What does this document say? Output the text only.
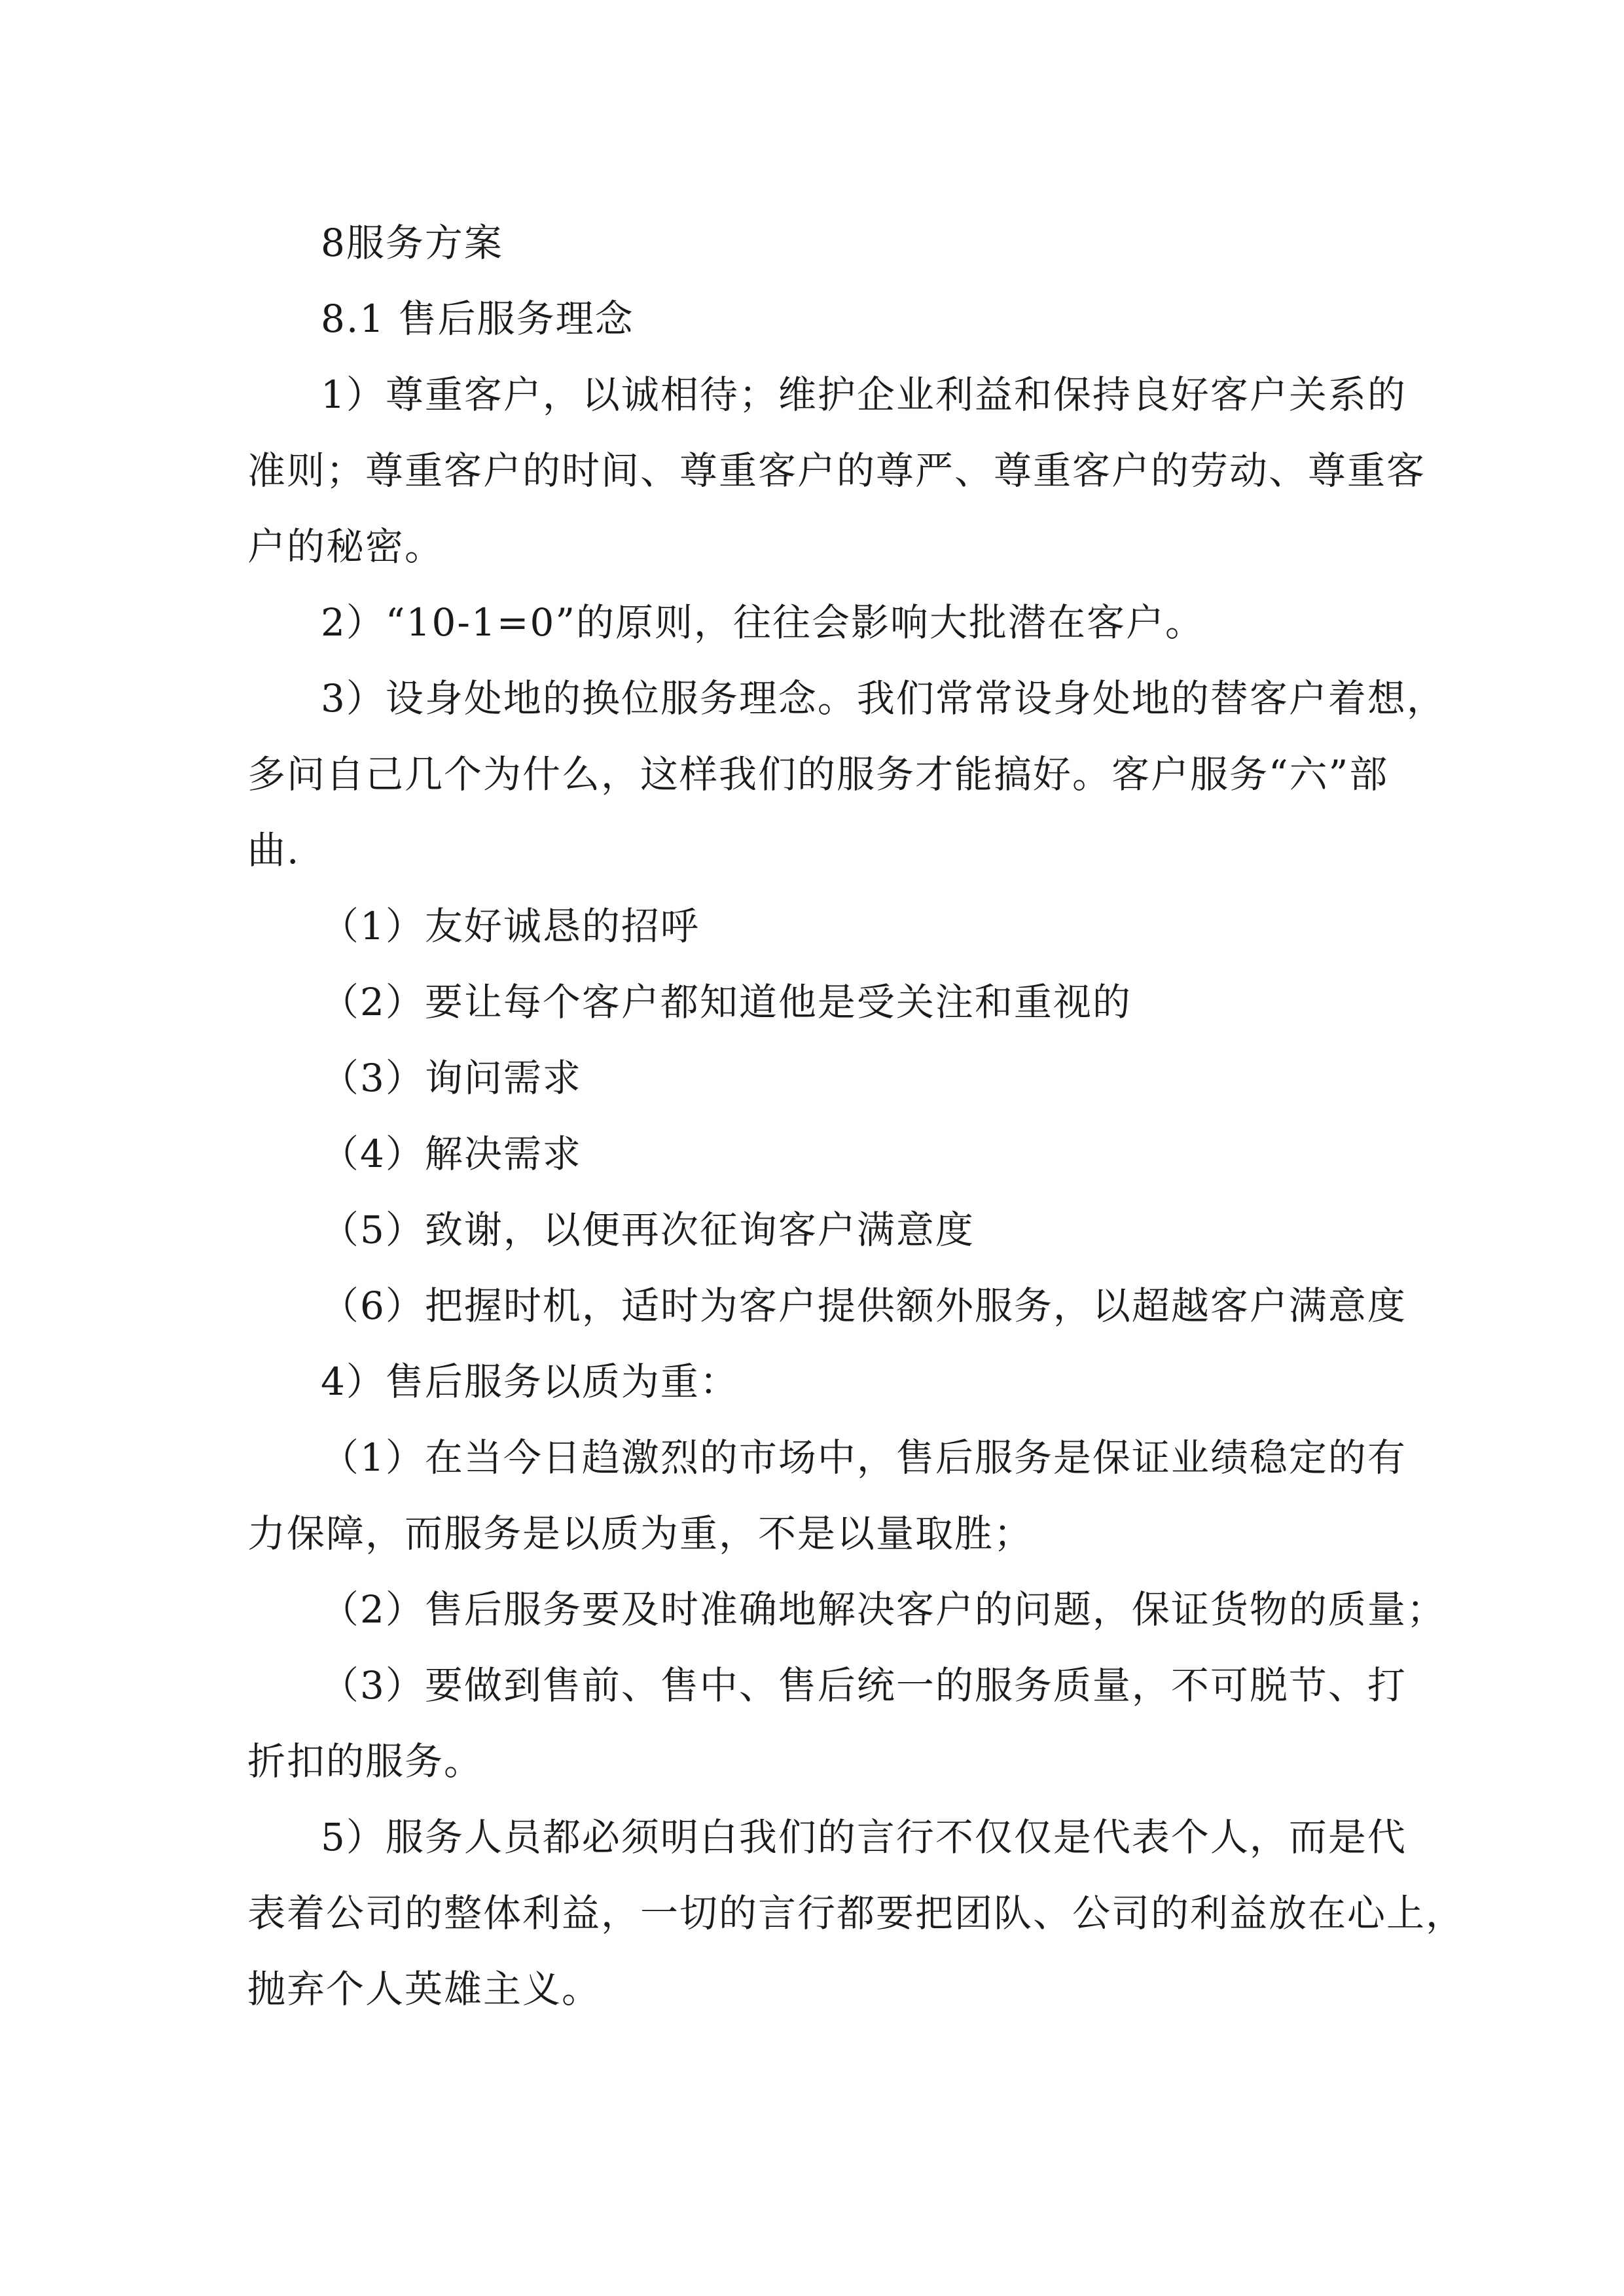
8服务方案
8.1 售后服务理念
1）尊重客户，以诚相待；维护企业利益和保持良好客户关系的
准则；尊重客户的时间、尊重客户的尊严、尊重客户的劳动、尊重客
户的秘密。
2）“10-1=0”的原则，往往会影响大批潜在客户。
3）设身处地的换位服务理念。我们常常设身处地的替客户着想，
多问自己几个为什么，这样我们的服务才能搞好。客户服务“六”部
曲.
（1）友好诚恳的招呼
（2）要让每个客户都知道他是受关注和重视的
（3）询问需求
（4）解决需求
（5）致谢，以便再次征询客户满意度
（6）把握时机，适时为客户提供额外服务，以超越客户满意度
4）售后服务以质为重：
（1）在当今日趋激烈的市场中，售后服务是保证业绩稳定的有
力保障，而服务是以质为重，不是以量取胜；
（2）售后服务要及时准确地解决客户的问题，保证货物的质量；
（3）要做到售前、售中、售后统一的服务质量，不可脱节、打
折扣的服务。
5）服务人员都必须明白我们的言行不仅仅是代表个人，而是代
表着公司的整体利益，一切的言行都要把团队、公司的利益放在心上，
抛弃个人英雄主义。
